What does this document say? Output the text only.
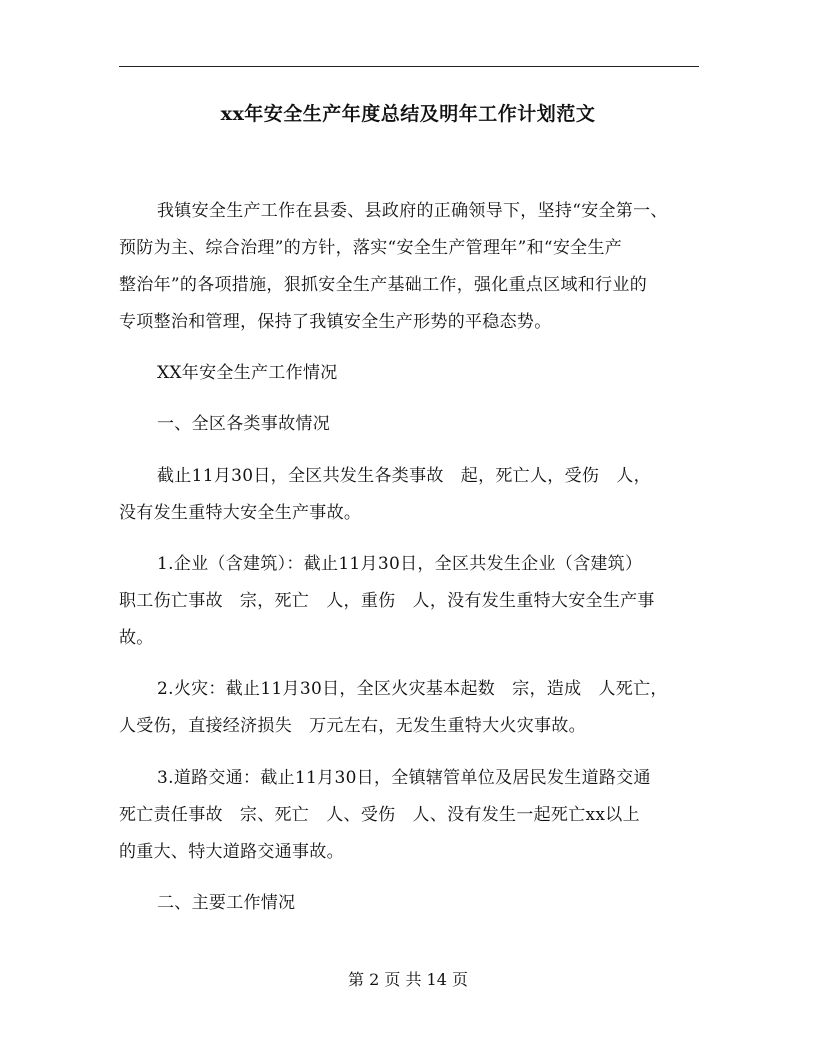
xx年安全生产年度总结及明年工作计划范文
我镇安全生产工作在县委、县政府的正确领导下，坚持“安全第一、
预防为主、综合治理”的方针，落实“安全生产管理年”和“安全生产
整治年”的各项措施，狠抓安全生产基础工作，强化重点区域和行业的
专项整治和管理，保持了我镇安全生产形势的平稳态势。
XX年安全生产工作情况
一、全区各类事故情况
截止11月30日，全区共发生各类事故   起，死亡人，受伤   人，
没有发生重特大安全生产事故。
1.企业（含建筑）：截止11月30日，全区共发生企业（含建筑）
职工伤亡事故   宗，死亡   人，重伤   人，没有发生重特大安全生产事
故。
2.火灾：截止11月30日，全区火灾基本起数   宗，造成   人死亡，
人受伤，直接经济损失   万元左右，无发生重特大火灾事故。
3.道路交通：截止11月30日，全镇辖管单位及居民发生道路交通
死亡责任事故   宗、死亡   人、受伤   人、没有发生一起死亡xx以上
的重大、特大道路交通事故。
二、主要工作情况
第 2 页 共 14 页
